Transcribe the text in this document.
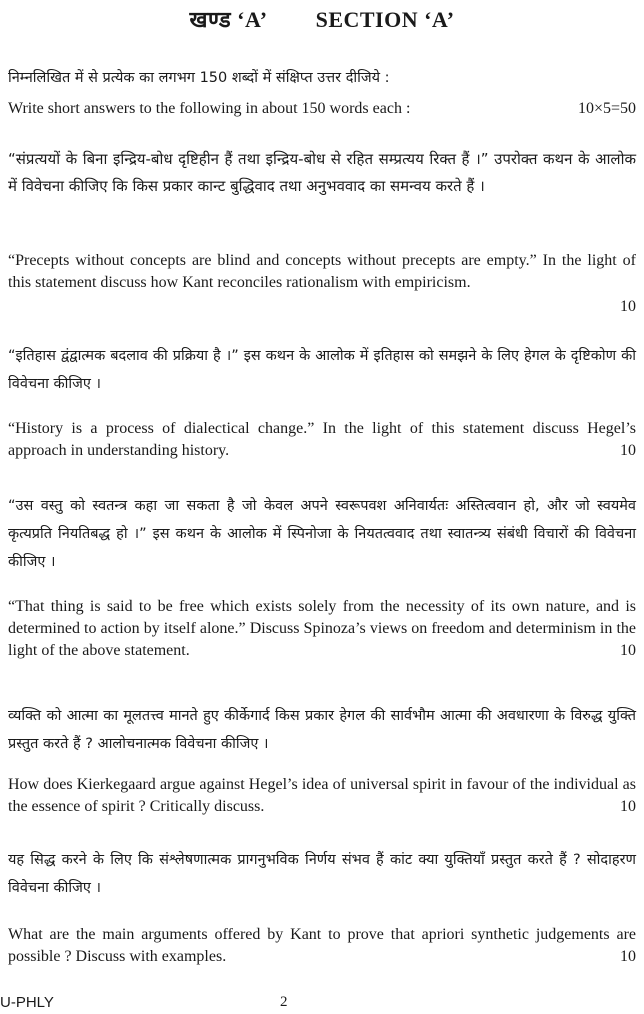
खण्ड ‘A’ SECTION ‘A’
निम्नलिखित में से प्रत्येक का लगभग 150 शब्दों में संक्षिप्त उत्तर दीजिये :
Write short answers to the following in about 150 words each :	10×5=50
“संप्रत्ययों के बिना इन्द्रिय-बोध दृष्टिहीन हैं तथा इन्द्रिय-बोध से रहित सम्प्रत्यय रिक्त हैं ।” उपरोक्त कथन के आलोक में विवेचना कीजिए कि किस प्रकार कान्ट बुद्धिवाद तथा अनुभववाद का समन्वय करते हैं ।
“Precepts without concepts are blind and concepts without precepts are empty.” In the light of this statement discuss how Kant reconciles rationalism with empiricism.
10
“इतिहास द्वंद्वात्मक बदलाव की प्रक्रिया है ।” इस कथन के आलोक में इतिहास को समझने के लिए हेगल के दृष्टिकोण की विवेचना कीजिए ।
“History is a process of dialectical change.” In the light of this statement discuss Hegel’s approach in understanding history.	10
“उस वस्तु को स्वतन्त्र कहा जा सकता है जो केवल अपने स्वरूपवश अनिवार्यतः अस्तित्ववान हो, और जो स्वयमेव कृत्यप्रति नियतिबद्ध हो ।” इस कथन के आलोक में स्पिनोजा के नियतत्ववाद तथा स्वातन्त्र्य संबंधी विचारों की विवेचना कीजिए ।
“That thing is said to be free which exists solely from the necessity of its own nature, and is determined to action by itself alone.” Discuss Spinoza’s views on freedom and determinism in the light of the above statement.	10
व्यक्ति को आत्मा का मूलतत्त्व मानते हुए कीर्केगार्द किस प्रकार हेगल की सार्वभौम आत्मा की अवधारणा के विरुद्ध युक्ति प्रस्तुत करते हैं ? आलोचनात्मक विवेचना कीजिए ।
How does Kierkegaard argue against Hegel’s idea of universal spirit in favour of the individual as the essence of spirit ? Critically discuss.	10
यह सिद्ध करने के लिए कि संश्लेषणात्मक प्रागनुभविक निर्णय संभव हैं कांट क्या युक्तियाँ प्रस्तुत करते हैं ? सोदाहरण विवेचना कीजिए ।
What are the main arguments offered by Kant to prove that apriori synthetic judgements are possible ? Discuss with examples.	10
U-PHLY	2
